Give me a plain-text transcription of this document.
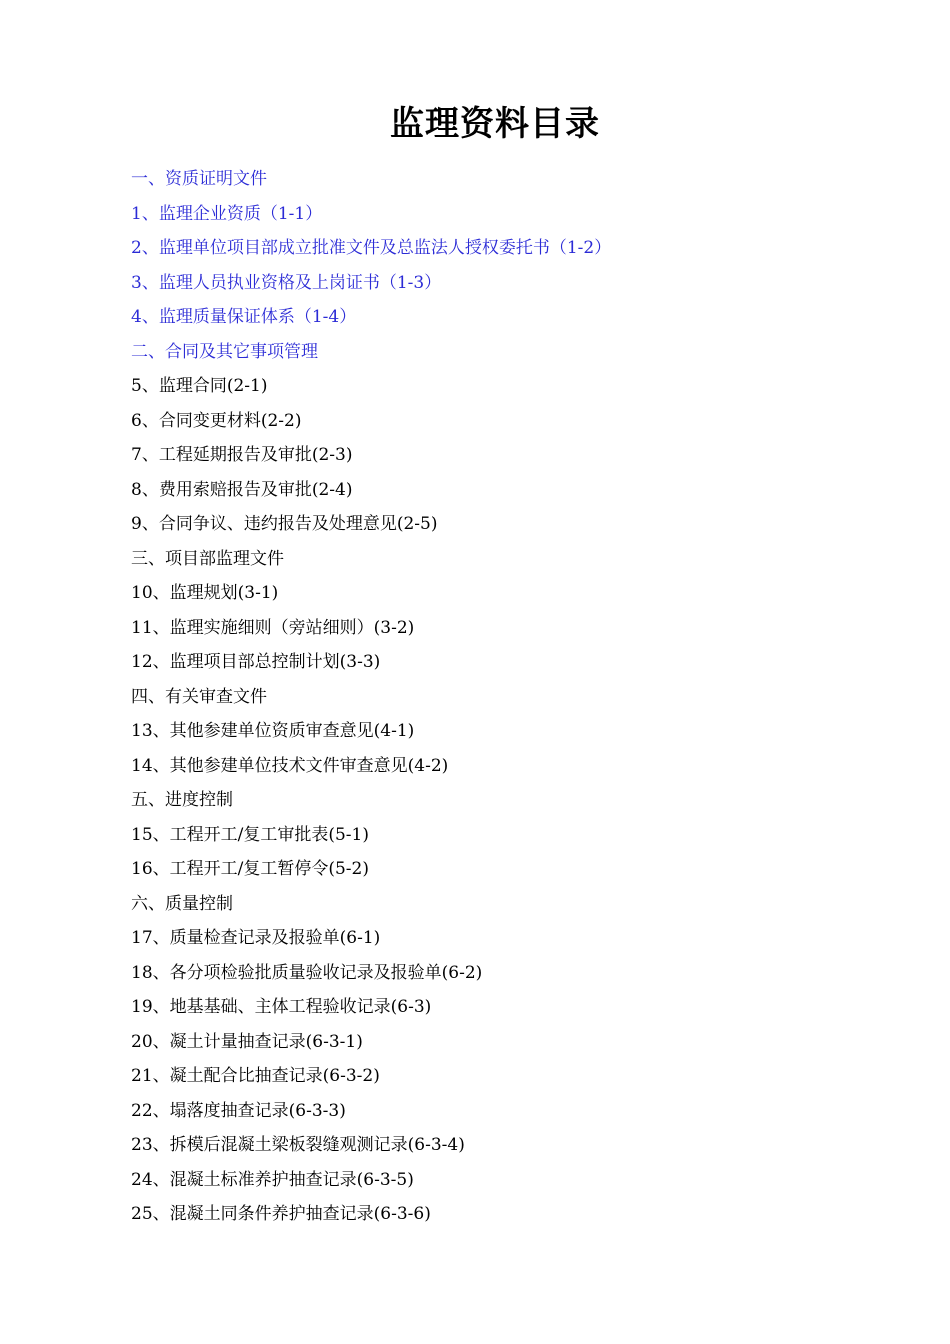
监理资料目录
一、资质证明文件
1、监理企业资质（1-1）
2、监理单位项目部成立批准文件及总监法人授权委托书（1-2）
3、监理人员执业资格及上岗证书（1-3）
4、监理质量保证体系（1-4）
二、合同及其它事项管理
5、监理合同(2-1)
6、合同变更材料(2-2)
7、工程延期报告及审批(2-3)
8、费用索赔报告及审批(2-4)
9、合同争议、违约报告及处理意见(2-5)
三、项目部监理文件
10、监理规划(3-1)
11、监理实施细则（旁站细则）(3-2)
12、监理项目部总控制计划(3-3)
四、有关审查文件
13、其他参建单位资质审查意见(4-1)
14、其他参建单位技术文件审查意见(4-2)
五、进度控制
15、工程开工/复工审批表(5-1)
16、工程开工/复工暂停令(5-2)
六、质量控制
17、质量检查记录及报验单(6-1)
18、各分项检验批质量验收记录及报验单(6-2)
19、地基基础、主体工程验收记录(6-3)
20、凝土计量抽查记录(6-3-1)
21、凝土配合比抽查记录(6-3-2)
22、塌落度抽查记录(6-3-3)
23、拆模后混凝土梁板裂缝观测记录(6-3-4)
24、混凝土标准养护抽查记录(6-3-5)
25、混凝土同条件养护抽查记录(6-3-6)
